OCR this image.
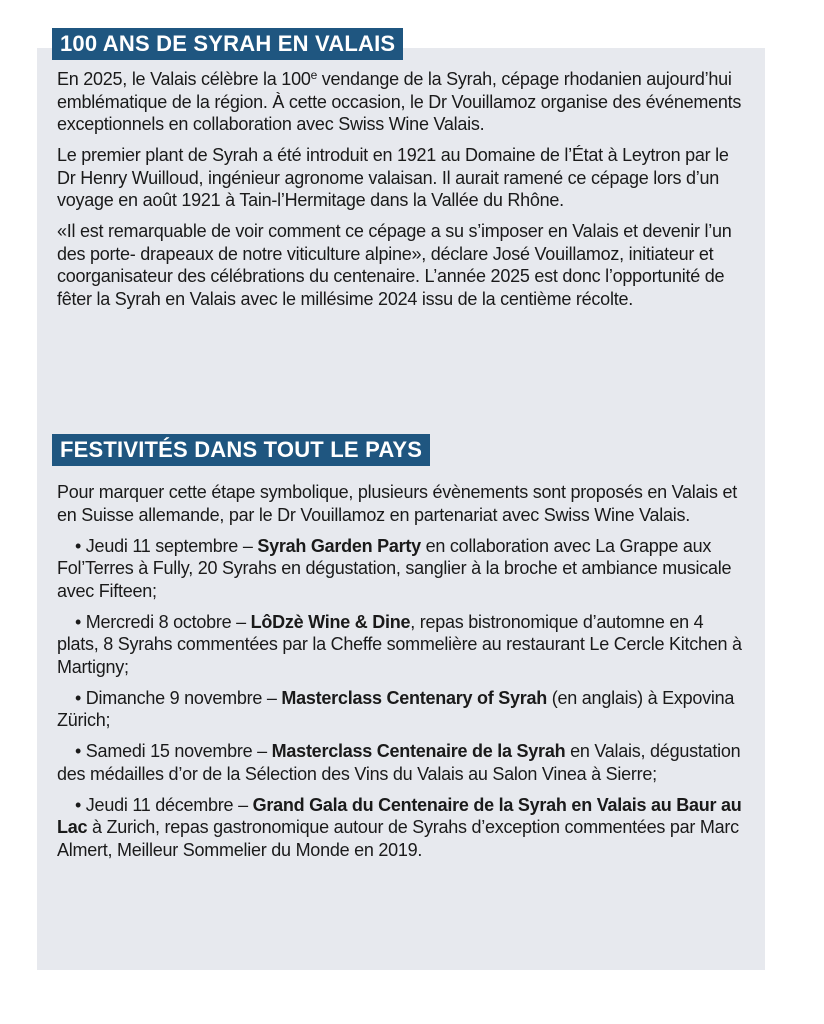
100 ANS DE SYRAH EN VALAIS

En 2025, le Valais célèbre la 100e vendange de la Syrah, cépage rhodanien aujourd’hui emblématique de la région. À cette occasion, le Dr Vouillamoz organise des événements exceptionnels en collaboration avec Swiss Wine Valais.

Le premier plant de Syrah a été introduit en 1921 au Domaine de l’État à Leytron par le Dr Henry Wuilloud, ingénieur agronome valaisan. Il aurait ramené ce cépage lors d’un voyage en août 1921 à Tain-l’Hermitage dans la Vallée du Rhône.

«Il est remarquable de voir comment ce cépage a su s’imposer en Valais et devenir l’un des porte- drapeaux de notre viticulture alpine», déclare José Vouillamoz, initiateur et coorganisateur des célébrations du centenaire. L’année 2025 est donc l’opportunité de fêter la Syrah en Valais avec le millésime 2024 issu de la centième récolte.

FESTIVITÉS DANS TOUT LE PAYS

Pour marquer cette étape symbolique, plusieurs évènements sont proposés en Valais et en Suisse allemande, par le Dr Vouillamoz en partenariat avec Swiss Wine Valais.

• Jeudi 11 septembre – Syrah Garden Party en collaboration avec La Grappe aux Fol’Terres à Fully, 20 Syrahs en dégustation, sanglier à la broche et ambiance musicale avec Fifteen;

• Mercredi 8 octobre – LôDzè Wine & Dine, repas bistronomique d’automne en 4 plats, 8 Syrahs commentées par la Cheffe sommelière au restaurant Le Cercle Kitchen à Martigny;

• Dimanche 9 novembre – Masterclass Centenary of Syrah (en anglais) à Expovina Zürich;

• Samedi 15 novembre – Masterclass Centenaire de la Syrah en Valais, dégustation des médailles d’or de la Sélection des Vins du Valais au Salon Vinea à Sierre;

• Jeudi 11 décembre – Grand Gala du Centenaire de la Syrah en Valais au Baur au Lac à Zurich, repas gastronomique autour de Syrahs d’exception commentées par Marc Almert, Meilleur Sommelier du Monde en 2019.
